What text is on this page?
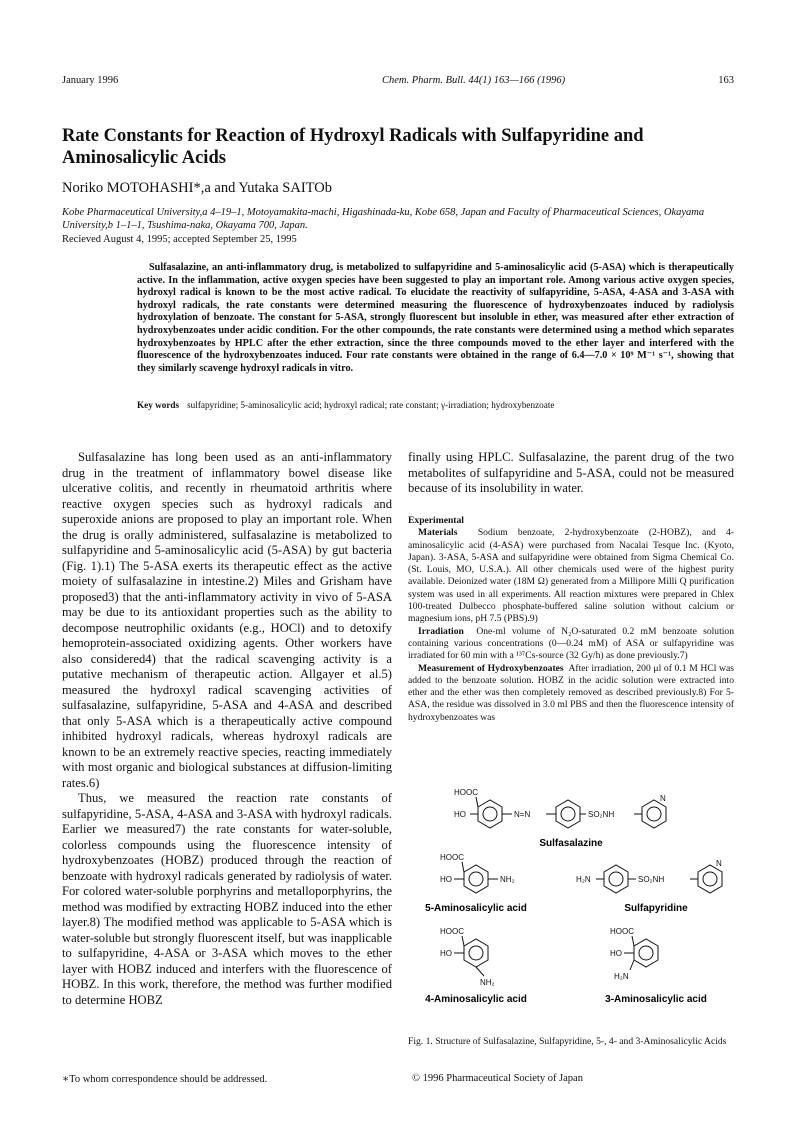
January 1996	Chem. Pharm. Bull. 44(1) 163—166 (1996)	163
Rate Constants for Reaction of Hydroxyl Radicals with Sulfapyridine and Aminosalicylic Acids
Noriko MOTOHASHI*,a and Yutaka SAITOb
Kobe Pharmaceutical University,a 4–19–1, Motoyamakita-machi, Higashinada-ku, Kobe 658, Japan and Faculty of Pharmaceutical Sciences, Okayama University,b 1–1–1, Tsushima-naka, Okayama 700, Japan.
Recieved August 4, 1995; accepted September 25, 1995

Sulfasalazine, an anti-inflammatory drug, is metabolized to sulfapyridine and 5-aminosalicylic acid (5-ASA) which is therapeutically active. In the inflammation, active oxygen species have been suggested to play an important role. Among various active oxygen species, hydroxyl radical is known to be the most active radical. To elucidate the reactivity of sulfapyridine, 5-ASA, 4-ASA and 3-ASA with hydroxyl radicals, the rate constants were determined measuring the fluorescence of hydroxybenzoates induced by radiolysis hydroxylation of benzoate. The constant for 5-ASA, strongly fluorescent but insoluble in ether, was measured after ether extraction of hydroxybenzoates under acidic condition. For the other compounds, the rate constants were determined using a method which separates hydroxybenzoates by HPLC after the ether extraction, since the three compounds moved to the ether layer and interfered with the fluorescence of the hydroxybenzoates induced. Four rate constants were obtained in the range of 6.4—7.0 × 10⁹ M⁻¹ s⁻¹, showing that they similarly scavenge hydroxyl radicals in vitro.

Key words sulfapyridine; 5-aminosalicylic acid; hydroxyl radical; rate constant; γ-irradiation; hydroxybenzoate

Sulfasalazine has long been used as an anti-inflammatory drug in the treatment of inflammatory bowel disease like ulcerative colitis, and recently in rheumatoid arthritis where reactive oxygen species such as hydroxyl radicals and superoxide anions are proposed to play an important role. When the drug is orally administered, sulfasalazine is metabolized to sulfapyridine and 5-aminosalicylic acid (5-ASA) by gut bacteria (Fig. 1).1) The 5-ASA exerts its therapeutic effect as the active moiety of sulfasalazine in intestine.2) Miles and Grisham have proposed3) that the anti-inflammatory activity in vivo of 5-ASA may be due to its antioxidant properties such as the ability to decompose neutrophilic oxidants (e.g., HOCl) and to detoxify hemoprotein-associated oxidizing agents. Other workers have also considered4) that the radical scavenging activity is a putative mechanism of therapeutic action. Allgayer et al.5) measured the hydroxyl radical scavenging activities of sulfasalazine, sulfapyridine, 5-ASA and 4-ASA and described that only 5-ASA which is a therapeutically active compound inhibited hydroxyl radicals, whereas hydroxyl radicals are known to be an extremely reactive species, reacting immediately with most organic and biological substances at diffusion-limiting rates.6)

Thus, we measured the reaction rate constants of sulfapyridine, 5-ASA, 4-ASA and 3-ASA with hydroxyl radicals. Earlier we measured7) the rate constants for water-soluble, colorless compounds using the fluorescence intensity of hydroxybenzoates (HOBZ) produced through the reaction of benzoate with hydroxyl radicals generated by radiolysis of water. For colored water-soluble porphyrins and metalloporphyrins, the method was modified by extracting HOBZ induced into the ether layer.8) The modified method was applicable to 5-ASA which is water-soluble but strongly fluorescent itself, but was inapplicable to sulfapyridine, 4-ASA or 3-ASA which moves to the ether layer with HOBZ induced and interfers with the fluorescence of HOBZ. In this work, therefore, the method was further modified to determine HOBZ

finally using HPLC. Sulfasalazine, the parent drug of the two metabolites of sulfapyridine and 5-ASA, could not be measured because of its insolubility in water.

Experimental

Materials Sodium benzoate, 2-hydroxybenzoate (2-HOBZ), and 4-aminosalicylic acid (4-ASA) were purchased from Nacalai Tesque Inc. (Kyoto, Japan). 3-ASA, 5-ASA and sulfapyridine were obtained from Sigma Chemical Co. (St. Louis, MO, U.S.A.). All other chemicals used were of the highest purity available. Deionized water (18M Ω) generated from a Millipore Milli Q purification system was used in all experiments. All reaction mixtures were prepared in Chlex 100-treated Dulbecco phosphate-buffered saline solution without calcium or magnesium ions, pH 7.5 (PBS).9)

Irradiation One-ml volume of N₂O-saturated 0.2 mM benzoate solution containing various concentrations (0—0.24 mM) of ASA or sulfapyridine was irradiated for 60 min with a ¹³⁷Cs-source (32 Gy/h) as done previously.7)

Measurement of Hydroxybenzoates After irradiation, 200 μl of 0.1 M HCl was added to the benzoate solution. HOBZ in the acidic solution were extracted into ether and the ether was then completely removed as described previously.8) For 5-ASA, the residue was dissolved in 3.0 ml PBS and then the fluorescence intensity of hydroxybenzoates was

HOOC
HO	N=N	SO₂NH
N
HOOC
HO	NH₂	H₂N	SO₂NH
N
HOOC
HO
NH₂
HOOC
HO
H₂N
Sulfasalazine
5-Aminosalicylic acid	Sulfapyridine
4-Aminosalicylic acid	3-Aminosalicylic acid
Fig. 1. Structure of Sulfasalazine, Sulfapyridine, 5-, 4- and 3-Aminosalicylic Acids
∗To whom correspondence should be addressed.	© 1996 Pharmaceutical Society of Japan
